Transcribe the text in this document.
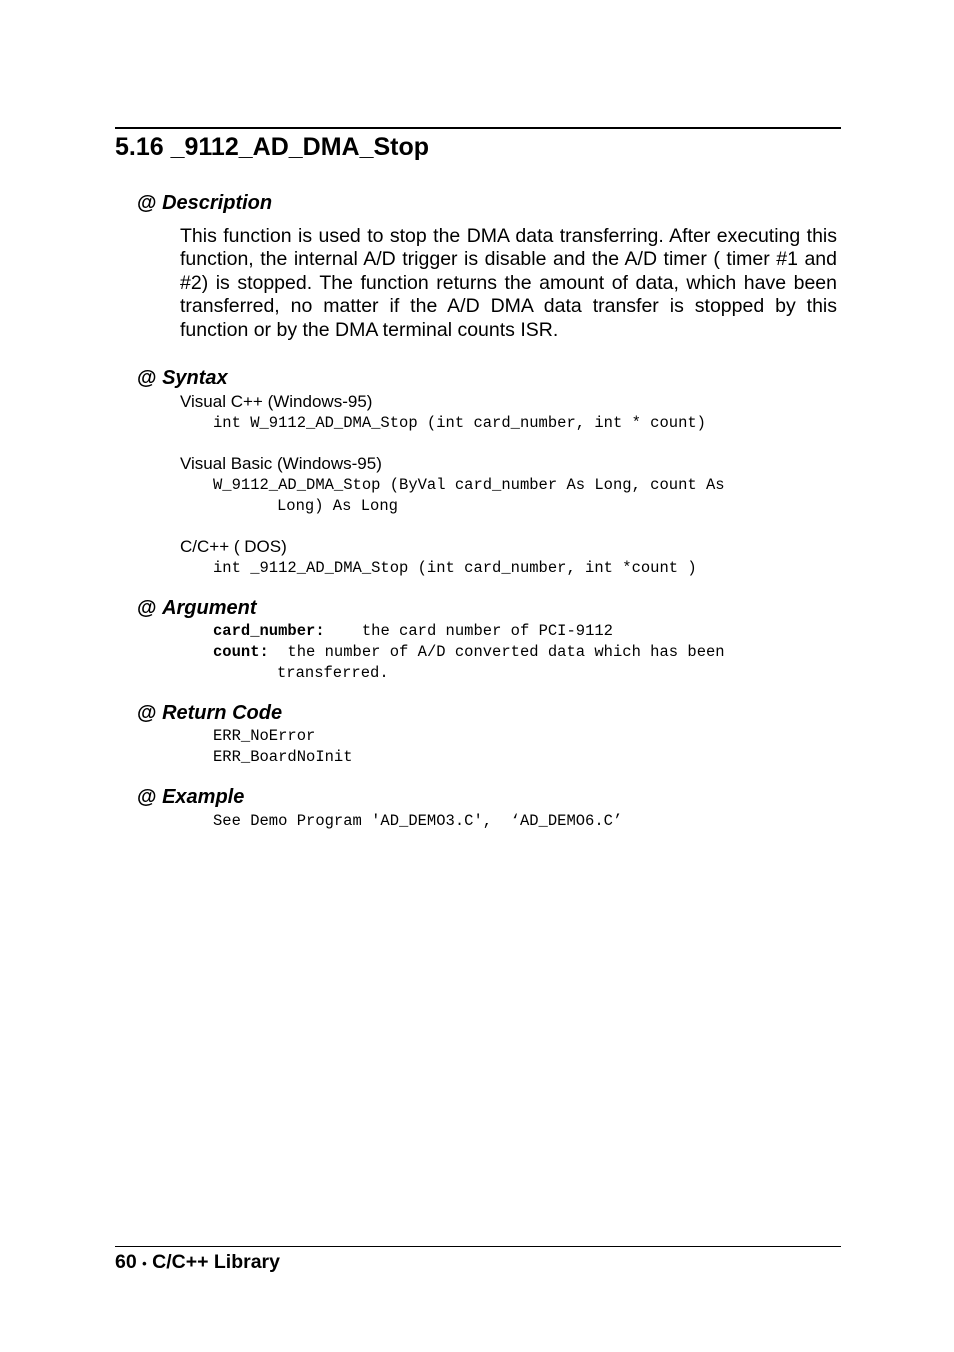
5.16 _9112_AD_DMA_Stop
@ Description
This function is used to stop the DMA data transferring. After executing this function, the internal A/D trigger is disable and the A/D timer ( timer #1 and #2) is stopped. The function returns the amount of data, which have been transferred, no matter if the A/D DMA data transfer is stopped by this function or by the DMA terminal counts ISR.
@ Syntax
Visual C++ (Windows-95)
int W_9112_AD_DMA_Stop (int card_number, int * count)
Visual Basic (Windows-95)
W_9112_AD_DMA_Stop (ByVal card_number As Long, count As
Long) As Long
C/C++ ( DOS)
int _9112_AD_DMA_Stop (int card_number, int *count )
@ Argument
card_number: the card number of PCI-9112
count: the number of A/D converted data which has been
transferred.
@ Return Code
ERR_NoError
ERR_BoardNoInit
@ Example
See Demo Program 'AD_DEMO3.C',  ‘AD_DEMO6.C’
60 • C/C++ Library
